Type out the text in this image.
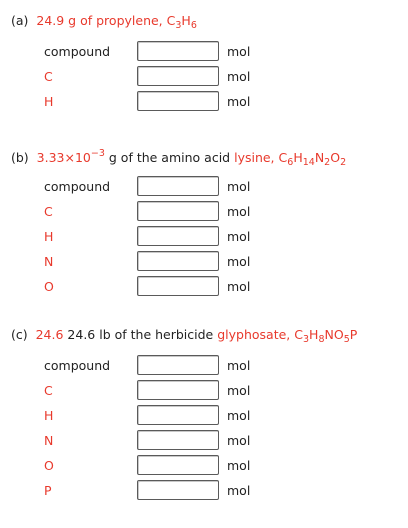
(a) 24.9 g of propylene, $C_3H_6$
compound	mol
C	mol
H	mol
(b) $3.33\times 10^{-3}$ g of the amino acid lysine, $C_6H_{14}N_2O_2$
compound	mol
C	mol
H	mol
N	mol
O	mol
(c) 24.6 24.6 lb of the herbicide glyphosate, $C_3H_8NO_5P$
compound	mol
C	mol
H	mol
N	mol
O	mol
P	mol
